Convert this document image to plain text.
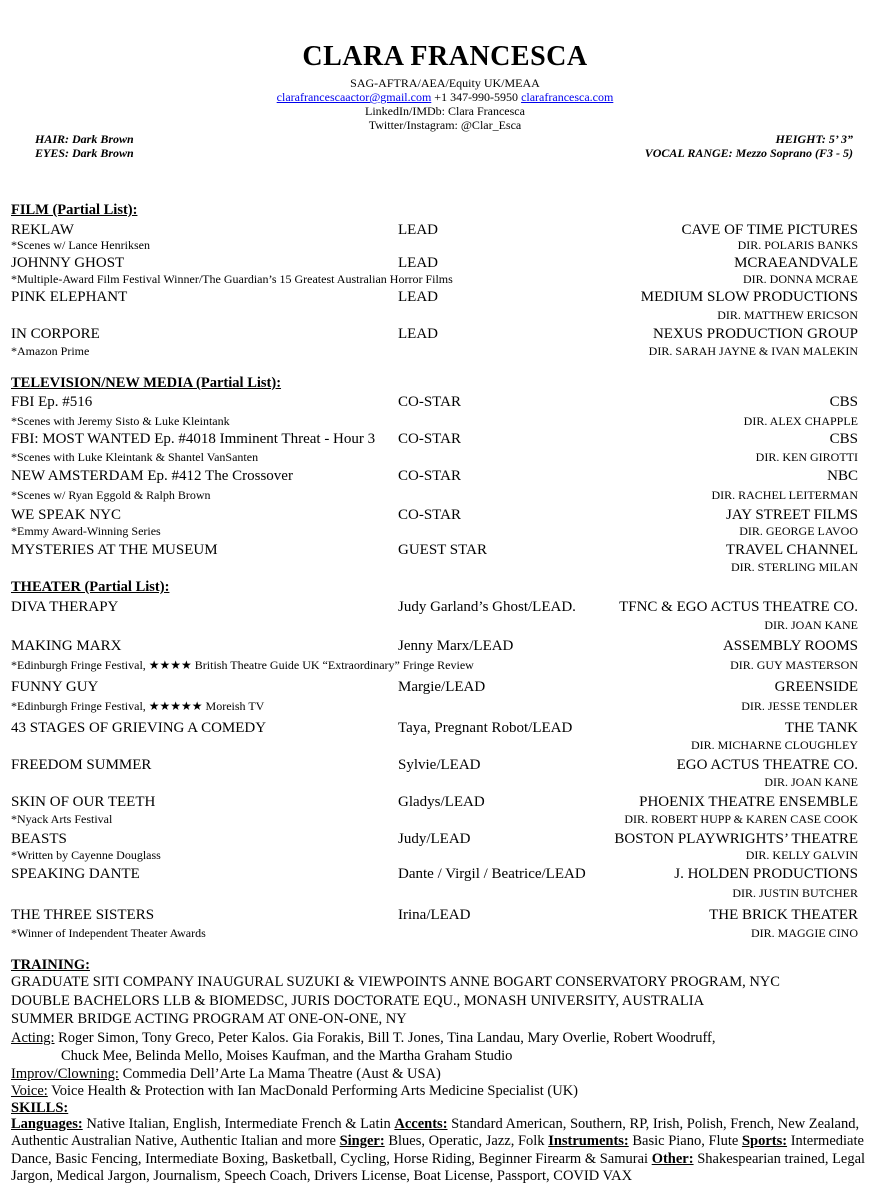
CLARA FRANCESCA
SAG-AFTRA/AEA/Equity UK/MEAA
clarafrancescaactor@gmail.com +1 347-990-5950 clarafrancesca.com
LinkedIn/IMDb: Clara Francesca
Twitter/Instagram: @Clar_Esca
HAIR: Dark Brown
EYES: Dark Brown
HEIGHT: 5’ 3”
VOCAL RANGE: Mezzo Soprano (F3 - 5)
FILM (Partial List):
REKLAW	LEAD	CAVE OF TIME PICTURES
*Scenes w/ Lance Henriksen	DIR. POLARIS BANKS
JOHNNY GHOST	LEAD	MCRAEANDVALE
*Multiple-Award Film Festival Winner/The Guardian’s 15 Greatest Australian Horror Films	DIR. DONNA MCRAE
PINK ELEPHANT	LEAD	MEDIUM SLOW PRODUCTIONS
DIR. MATTHEW ERICSON
IN CORPORE	LEAD	NEXUS PRODUCTION GROUP
*Amazon Prime	DIR. SARAH JAYNE & IVAN MALEKIN
TELEVISION/NEW MEDIA (Partial List):
FBI Ep. #516	CO-STAR	CBS
*Scenes with Jeremy Sisto & Luke Kleintank	DIR. ALEX CHAPPLE
FBI: MOST WANTED Ep. #4018 Imminent Threat - Hour 3 CO-STAR	CBS
*Scenes with Luke Kleintank & Shantel VanSanten	DIR. KEN GIROTTI
NEW AMSTERDAM Ep. #412 The Crossover	CO-STAR	NBC
*Scenes w/ Ryan Eggold & Ralph Brown	DIR. RACHEL LEITERMAN
WE SPEAK NYC	CO-STAR	JAY STREET FILMS
*Emmy Award-Winning Series	DIR. GEORGE LAVOO
MYSTERIES AT THE MUSEUM	GUEST STAR	TRAVEL CHANNEL
DIR. STERLING MILAN
THEATER (Partial List):
DIVA THERAPY	Judy Garland’s Ghost/LEAD.	TFNC & EGO ACTUS THEATRE CO.
DIR. JOAN KANE
MAKING MARX	Jenny Marx/LEAD	ASSEMBLY ROOMS
*Edinburgh Fringe Festival, ★★★★ British Theatre Guide UK “Extraordinary” Fringe Review	DIR. GUY MASTERSON
FUNNY GUY	Margie/LEAD	GREENSIDE
*Edinburgh Fringe Festival, ★★★★★ Moreish TV	DIR. JESSE TENDLER
43 STAGES OF GRIEVING A COMEDY	Taya, Pregnant Robot/LEAD	THE TANK
DIR. MICHARNE CLOUGHLEY
FREEDOM SUMMER	Sylvie/LEAD	EGO ACTUS THEATRE CO.
DIR. JOAN KANE
SKIN OF OUR TEETH	Gladys/LEAD	PHOENIX THEATRE ENSEMBLE
*Nyack Arts Festival	DIR. ROBERT HUPP & KAREN CASE COOK
BEASTS	Judy/LEAD	BOSTON PLAYWRIGHTS’ THEATRE
*Written by Cayenne Douglass	DIR. KELLY GALVIN
SPEAKING DANTE	Dante / Virgil / Beatrice/LEAD	J. HOLDEN PRODUCTIONS
DIR. JUSTIN BUTCHER
THE THREE SISTERS	Irina/LEAD	THE BRICK THEATER
*Winner of Independent Theater Awards	DIR. MAGGIE CINO
TRAINING:
GRADUATE SITI COMPANY INAUGURAL SUZUKI & VIEWPOINTS ANNE BOGART CONSERVATORY PROGRAM, NYC
DOUBLE BACHELORS LLB & BIOMEDSC, JURIS DOCTORATE EQU., MONASH UNIVERSITY, AUSTRALIA
SUMMER BRIDGE ACTING PROGRAM AT ONE-ON-ONE, NY
Acting: Roger Simon, Tony Greco, Peter Kalos. Gia Forakis, Bill T. Jones, Tina Landau, Mary Overlie, Robert Woodruff,
Chuck Mee, Belinda Mello, Moises Kaufman, and the Martha Graham Studio
Improv/Clowning: Commedia Dell’Arte La Mama Theatre (Aust & USA)
Voice: Voice Health & Protection with Ian MacDonald Performing Arts Medicine Specialist (UK)
SKILLS:
Languages: Native Italian, English, Intermediate French & Latin Accents: Standard American, Southern, RP, Irish, Polish, French, New Zealand, Authentic Australian Native, Authentic Italian and more Singer: Blues, Operatic, Jazz, Folk Instruments: Basic Piano, Flute Sports: Intermediate Dance, Basic Fencing, Intermediate Boxing, Basketball, Cycling, Horse Riding, Beginner Firearm & Samurai Other: Shakespearian trained, Legal Jargon, Medical Jargon, Journalism, Speech Coach, Drivers License, Boat License, Passport, COVID VAX
